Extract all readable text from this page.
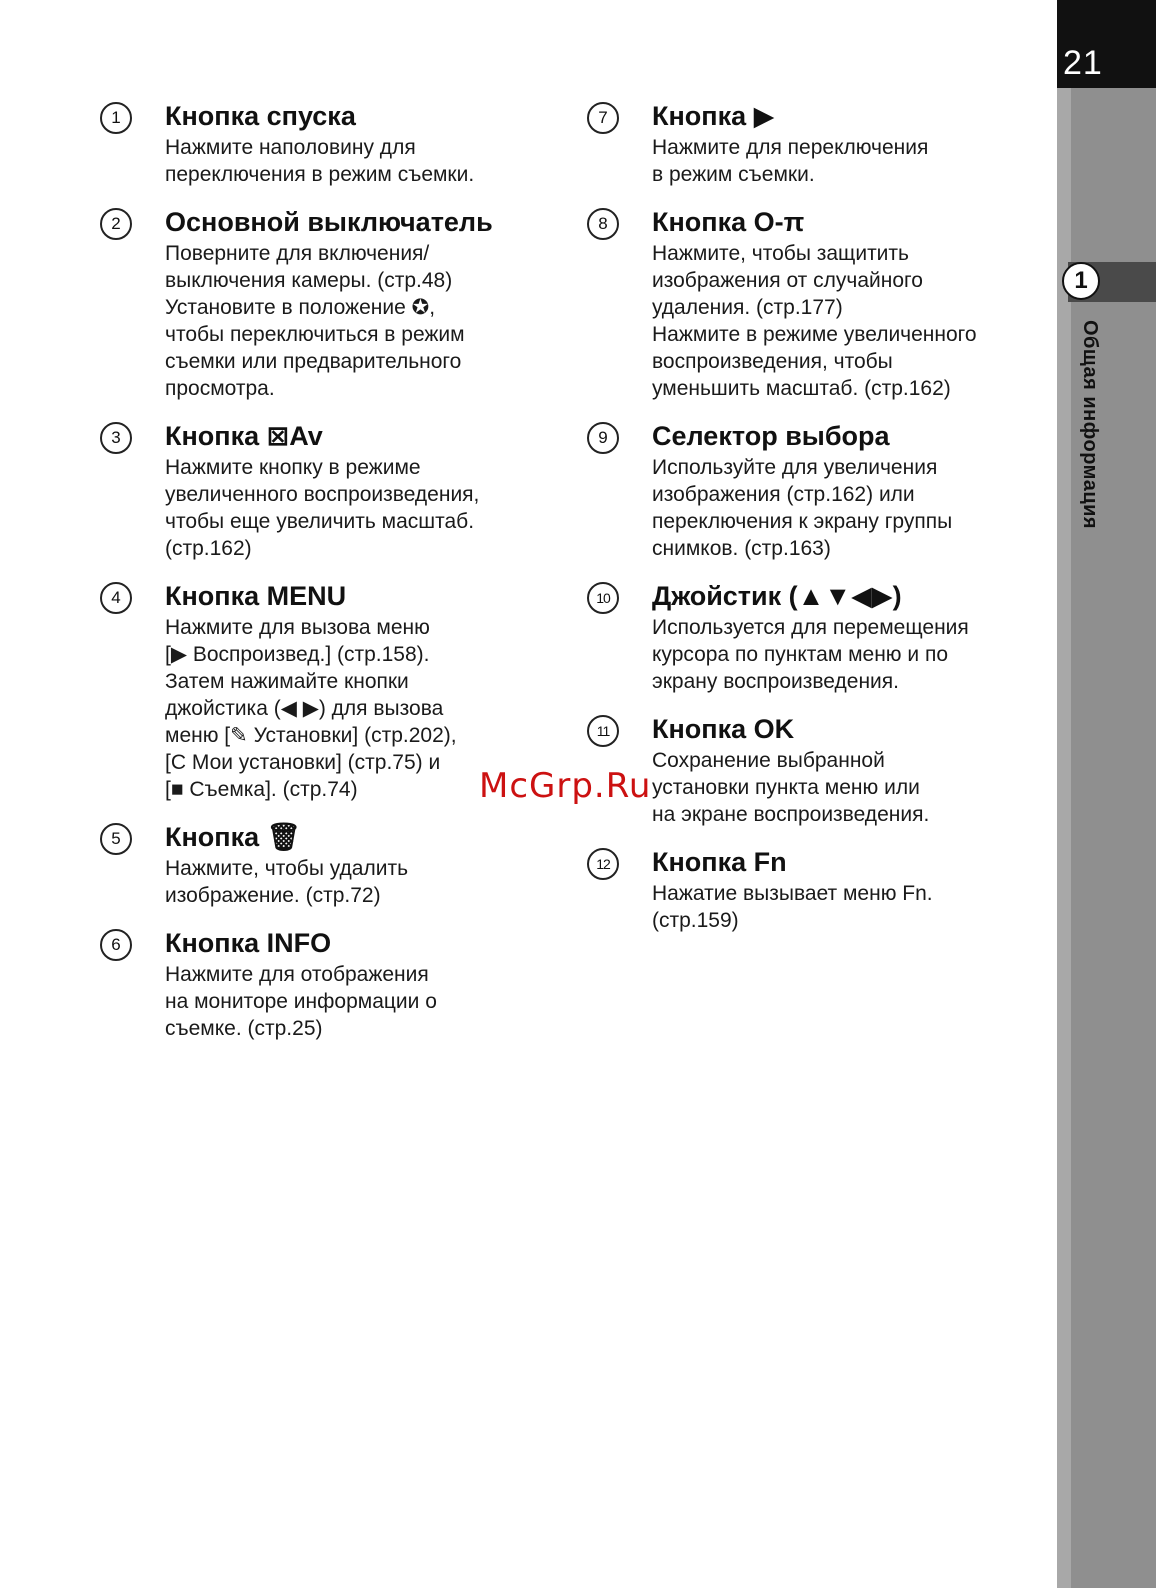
21
1
Общая информация
1	Кнопка спуска

Нажмите наполовину для

переключения в режим съемки.

2	Основной выключатель

Поверните для включения/

выключения камеры. (стр.48)

Установите в положение ✪,

чтобы переключиться в режим

съемки или предварительного

просмотра.

3	Кнопка ⊠Av

Нажмите кнопку в режиме

увеличенного воспроизведения,

чтобы еще увеличить масштаб.

(стр.162)

4	Кнопка MENU

Нажмите для вызова меню

[▶ Воспроизвед.] (стр.158).

Затем нажимайте кнопки

джойстика (◀ ▶) для вызова

меню [✎ Установки] (стр.202),

[C Мои установки] (стр.75) и

[■ Съемка]. (стр.74)

5	Кнопка 🗑

Нажмите, чтобы удалить

изображение. (стр.72)

6	Кнопка INFO

Нажмите для отображения

на мониторе информации о

съемке. (стр.25)

7	Кнопка ▶

Нажмите для переключения

в режим съемки.

8	Кнопка O-π

Нажмите, чтобы защитить

изображения от случайного

удаления. (стр.177)

Нажмите в режиме увеличенного

воспроизведения, чтобы

уменьшить масштаб. (стр.162)

9	Селектор выбора

Используйте для увеличения

изображения (стр.162) или

переключения к экрану группы

снимков. (стр.163)

10	Джойстик (▲▼◀▶)

Используется для перемещения

курсора по пунктам меню и по

экрану воспроизведения.

11	Кнопка OK

Сохранение выбранной

установки пункта меню или

на экране воспроизведения.

12	Кнопка Fn

Нажатие вызывает меню Fn.

(стр.159)

McGrp.Ru
